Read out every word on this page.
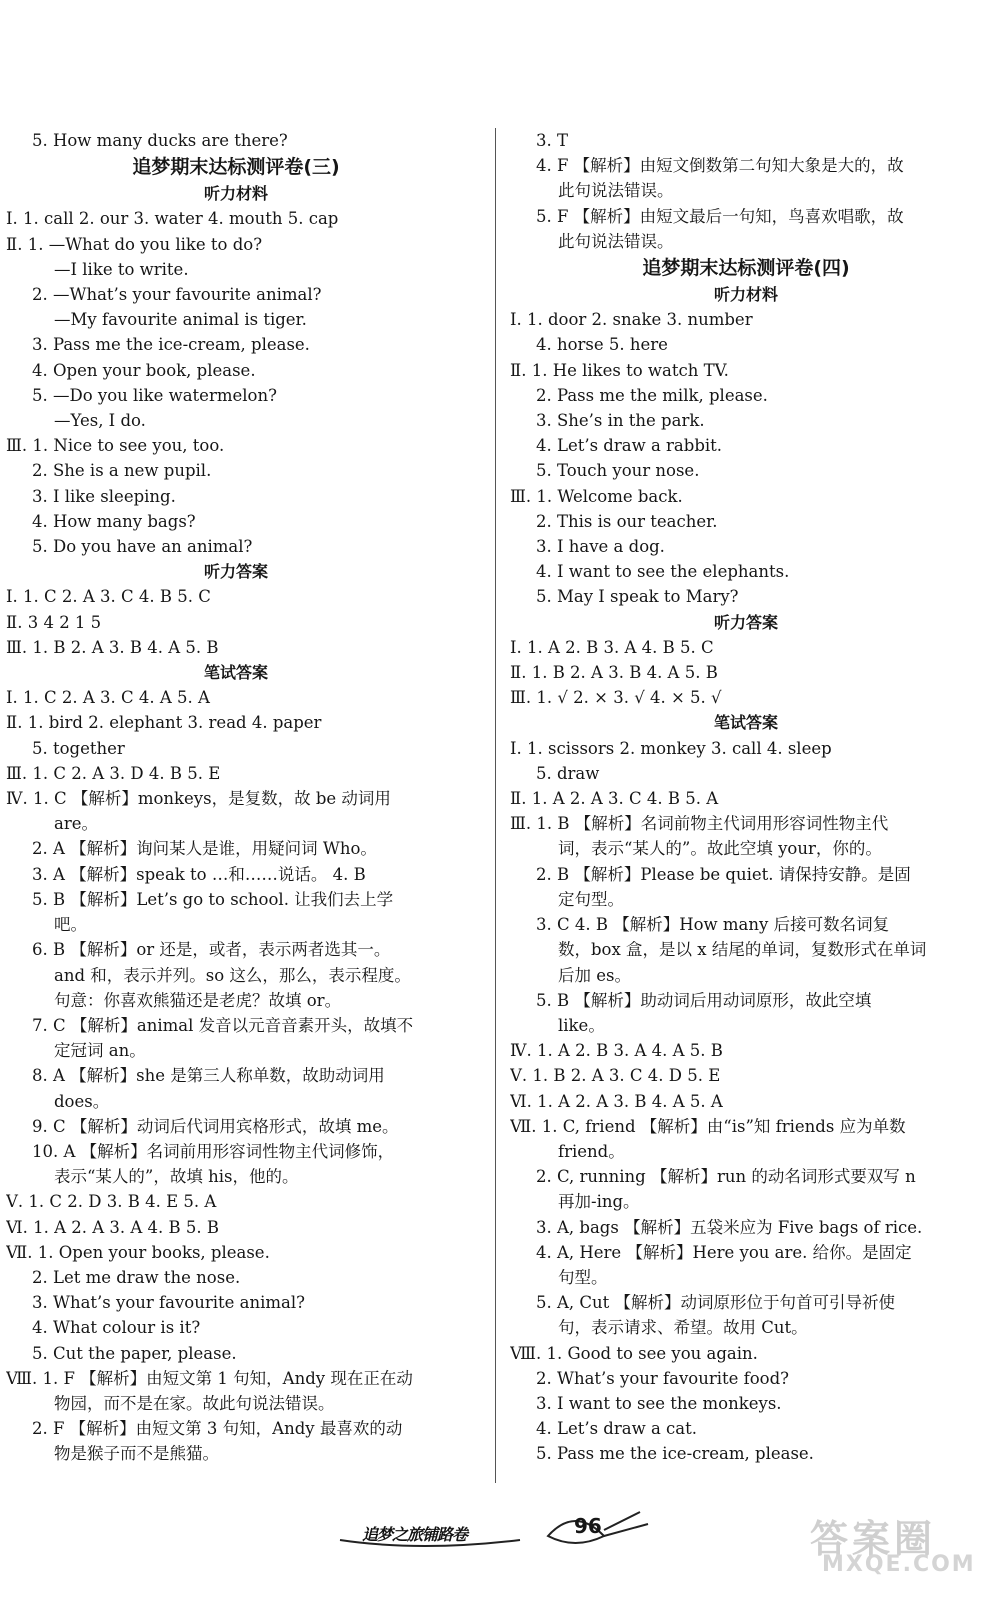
5. How many ducks are there?
追梦期末达标测评卷(三)
听力材料
Ⅰ. 1. call 2. our 3. water 4. mouth 5. cap
Ⅱ. 1. —What do you like to do?
—I like to write.
2. —What’s your favourite animal?
—My favourite animal is tiger.
3. Pass me the ice-cream, please.
4. Open your book, please.
5. —Do you like watermelon?
—Yes, I do.
Ⅲ. 1. Nice to see you, too.
2. She is a new pupil.
3. I like sleeping.
4. How many bags?
5. Do you have an animal?
听力答案
Ⅰ. 1. C 2. A 3. C 4. B 5. C
Ⅱ. 3 4 2 1 5
Ⅲ. 1. B 2. A 3. B 4. A 5. B
笔试答案
Ⅰ. 1. C 2. A 3. C 4. A 5. A
Ⅱ. 1. bird 2. elephant 3. read 4. paper
5. together
Ⅲ. 1. C 2. A 3. D 4. B 5. E
Ⅳ. 1. C 【解析】monkeys，是复数，故 be 动词用
are。
2. A 【解析】询问某人是谁，用疑问词 Who。
3. A 【解析】speak to …和……说话。 4. B
5. B 【解析】Let’s go to school. 让我们去上学
吧。
6. B 【解析】or 还是，或者，表示两者选其一。
and 和，表示并列。so 这么，那么，表示程度。
句意：你喜欢熊猫还是老虎？故填 or。
7. C 【解析】animal 发音以元音音素开头，故填不
定冠词 an。
8. A 【解析】she 是第三人称单数，故助动词用
does。
9. C 【解析】动词后代词用宾格形式，故填 me。
10. A 【解析】名词前用形容词性物主代词修饰，
表示“某人的”，故填 his，他的。
Ⅴ. 1. C 2. D 3. B 4. E 5. A
Ⅵ. 1. A 2. A 3. A 4. B 5. B
Ⅶ. 1. Open your books, please.
2. Let me draw the nose.
3. What’s your favourite animal?
4. What colour is it?
5. Cut the paper, please.
Ⅷ. 1. F 【解析】由短文第 1 句知，Andy 现在正在动
物园，而不是在家。故此句说法错误。
2. F 【解析】由短文第 3 句知，Andy 最喜欢的动
物是猴子而不是熊猫。
3. T
4. F 【解析】由短文倒数第二句知大象是大的，故
此句说法错误。
5. F 【解析】由短文最后一句知，鸟喜欢唱歌，故
此句说法错误。
追梦期末达标测评卷(四)
听力材料
Ⅰ. 1. door 2. snake 3. number
4. horse 5. here
Ⅱ. 1. He likes to watch TV.
2. Pass me the milk, please.
3. She’s in the park.
4. Let’s draw a rabbit.
5. Touch your nose.
Ⅲ. 1. Welcome back.
2. This is our teacher.
3. I have a dog.
4. I want to see the elephants.
5. May I speak to Mary?
听力答案
Ⅰ. 1. A 2. B 3. A 4. B 5. C
Ⅱ. 1. B 2. A 3. B 4. A 5. B
Ⅲ. 1. √ 2. × 3. √ 4. × 5. √
笔试答案
Ⅰ. 1. scissors 2. monkey 3. call 4. sleep
5. draw
Ⅱ. 1. A 2. A 3. C 4. B 5. A
Ⅲ. 1. B 【解析】名词前物主代词用形容词性物主代
词，表示“某人的”。故此空填 your，你的。
2. B 【解析】Please be quiet. 请保持安静。是固
定句型。
3. C 4. B 【解析】How many 后接可数名词复
数，box 盒，是以 x 结尾的单词，复数形式在单词
后加 es。
5. B 【解析】助动词后用动词原形，故此空填
like。
Ⅳ. 1. A 2. B 3. A 4. A 5. B
Ⅴ. 1. B 2. A 3. C 4. D 5. E
Ⅵ. 1. A 2. A 3. B 4. A 5. A
Ⅶ. 1. C, friend 【解析】由“is”知 friends 应为单数
friend。
2. C, running 【解析】run 的动名词形式要双写 n
再加-ing。
3. A, bags 【解析】五袋米应为 Five bags of rice.
4. A, Here 【解析】Here you are. 给你。是固定
句型。
5. A, Cut 【解析】动词原形位于句首可引导祈使
句，表示请求、希望。故用 Cut。
Ⅷ. 1. Good to see you again.
2. What’s your favourite food?
3. I want to see the monkeys.
4. Let’s draw a cat.
5. Pass me the ice-cream, please.
追梦之旅铺路卷	96	答案圈
MXQE.COM
